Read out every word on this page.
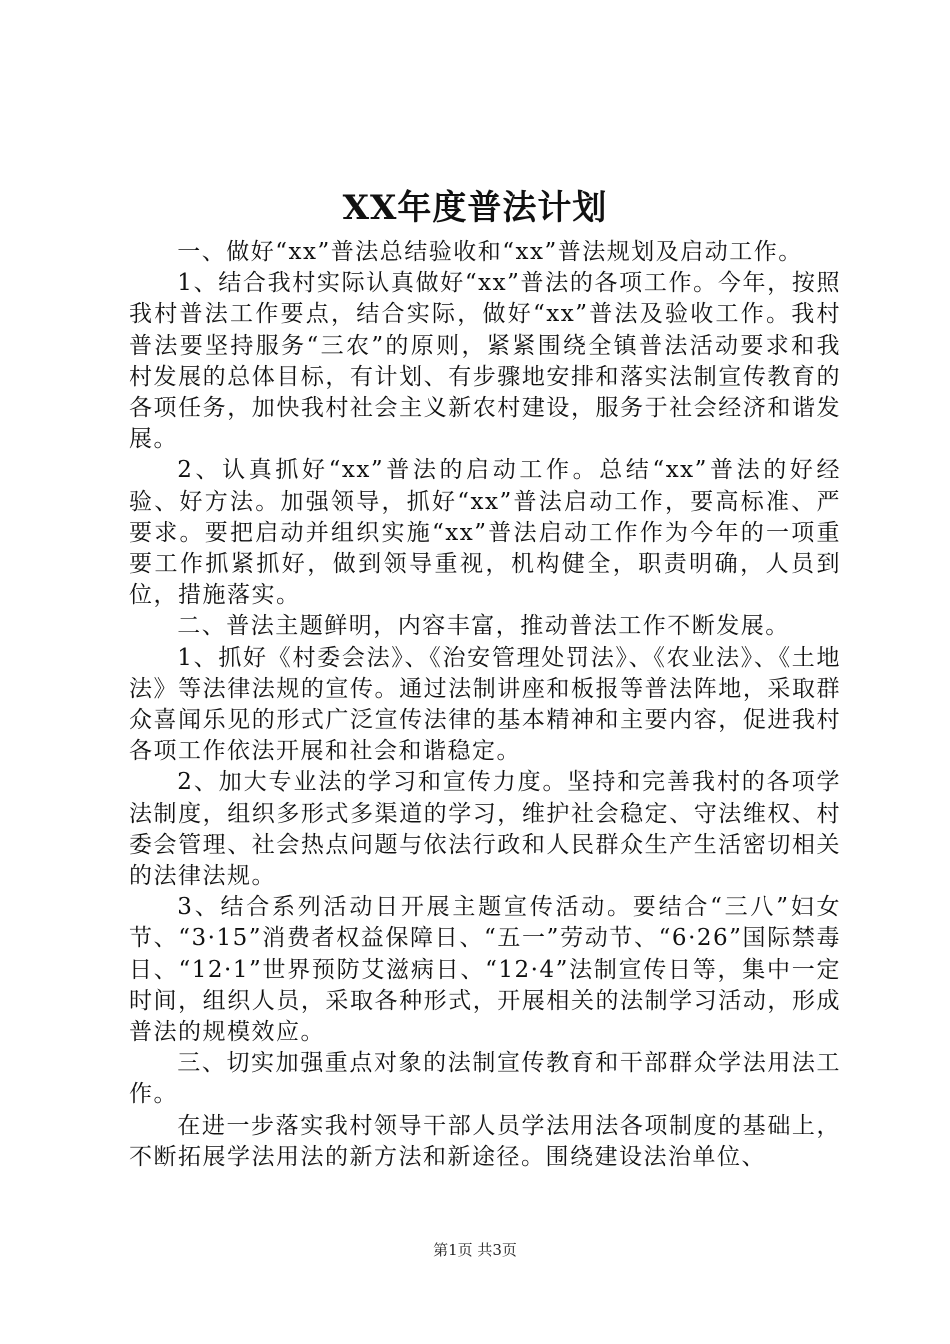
XX年度普法计划

一、做好“xx”普法总结验收和“xx”普法规划及启动工作。

1、结合我村实际认真做好“xx”普法的各项工作。今年，按照我村普法工作要点，结合实际，做好“xx”普法及验收工作。我村普法要坚持服务“三农”的原则，紧紧围绕全镇普法活动要求和我村发展的总体目标，有计划、有步骤地安排和落实法制宣传教育的各项任务，加快我村社会主义新农村建设，服务于社会经济和谐发展。

2、认真抓好“xx”普法的启动工作。总结“xx”普法的好经验、好方法。加强领导，抓好“xx”普法启动工作，要高标准、严要求。要把启动并组织实施“xx”普法启动工作作为今年的一项重要工作抓紧抓好，做到领导重视，机构健全，职责明确，人员到位，措施落实。

二、普法主题鲜明，内容丰富，推动普法工作不断发展。

1、抓好《村委会法》、《治安管理处罚法》、《农业法》、《土地法》等法律法规的宣传。通过法制讲座和板报等普法阵地，采取群众喜闻乐见的形式广泛宣传法律的基本精神和主要内容，促进我村各项工作依法开展和社会和谐稳定。

2、加大专业法的学习和宣传力度。坚持和完善我村的各项学法制度，组织多形式多渠道的学习，维护社会稳定、守法维权、村委会管理、社会热点问题与依法行政和人民群众生产生活密切相关的法律法规。

3、结合系列活动日开展主题宣传活动。要结合“三八”妇女节、“3·15”消费者权益保障日、“五一”劳动节、“6·26”国际禁毒日、“12·1”世界预防艾滋病日、“12·4”法制宣传日等，集中一定时间，组织人员，采取各种形式，开展相关的法制学习活动，形成普法的规模效应。

三、切实加强重点对象的法制宣传教育和干部群众学法用法工作。

在进一步落实我村领导干部人员学法用法各项制度的基础上，不断拓展学法用法的新方法和新途径。围绕建设法治单位、

第1页 共3页
